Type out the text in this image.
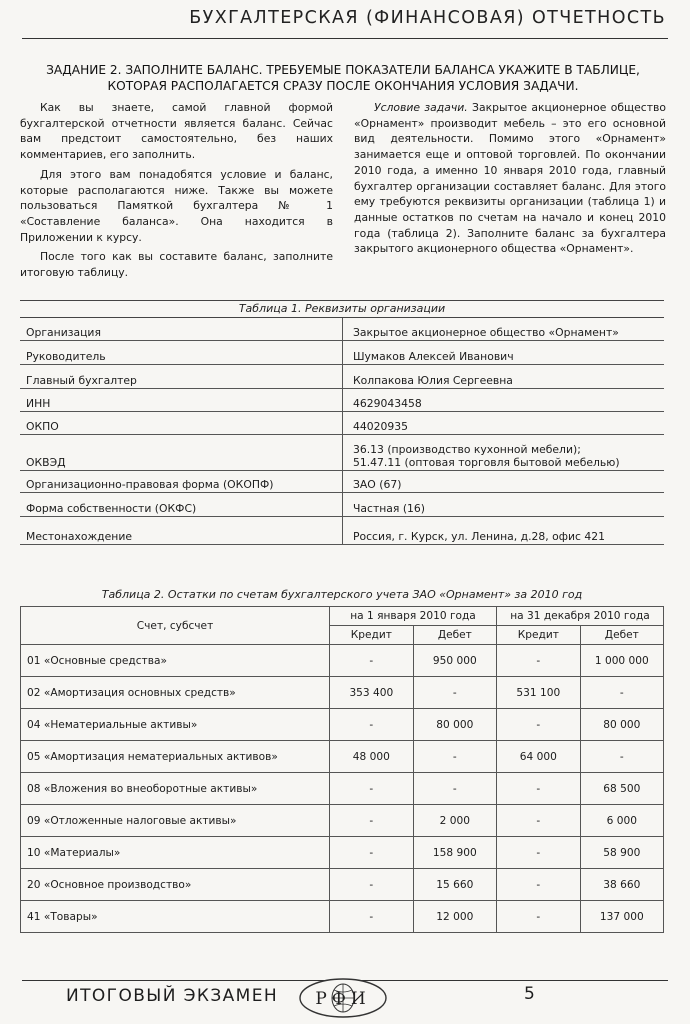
БУХГАЛТЕРСКАЯ (ФИНАНСОВАЯ) ОТЧЕТНОСТЬ
ЗАДАНИЕ 2. ЗАПОЛНИТЕ БАЛАНС. ТРЕБУЕМЫЕ ПОКАЗАТЕЛИ БАЛАНСА УКАЖИТЕ В ТАБЛИЦЕ, КОТОРАЯ РАСПОЛАГАЕТСЯ СРАЗУ ПОСЛЕ ОКОНЧАНИЯ УСЛОВИЯ ЗАДАЧИ.

Как вы знаете, самой главной формой бухгалтерской отчетности является баланс. Сейчас вам предстоит самостоятельно, без наших комментариев, его заполнить.

Для этого вам понадобятся условие и баланс, которые располагаются ниже. Также вы можете пользоваться Памяткой бухгалтера № 1 «Составление баланса». Она находится в Приложении к курсу.

После того как вы составите баланс, заполните итоговую таблицу.

Условие задачи. Закрытое акционерное общество «Орнамент» производит мебель – это его основной вид деятельности. Помимо этого «Орнамент» занимается еще и оптовой торговлей. По окончании 2010 года, а именно 10 января 2010 года, главный бухгалтер организации составляет баланс. Для этого ему требуются реквизиты организации (таблица 1) и данные остатков по счетам на начало и конец 2010 года (таблица 2). Заполните баланс за бухгалтера закрытого акционерного общества «Орнамент».

Таблица 1. Реквизиты организации
Организация	Закрытое акционерное общество «Орнамент»
Руководитель	Шумаков Алексей Иванович
Главный бухгалтер	Колпакова Юлия Сергеевна
ИНН	4629043458
ОКПО	44020935
ОКВЭД	36.13 (производство кухонной мебели);
51.47.11 (оптовая торговля бытовой мебелью)

Организационно-правовая форма (ОКОПФ)	ЗАО (67)
Форма собственности (ОКФС)	Частная (16)
Местонахождение	Россия, г. Курск, ул. Ленина, д.28, офис 421
Таблица 2. Остатки по счетам бухгалтерского учета ЗАО «Орнамент» за 2010 год
Счет, субсчет	на 1 января 2010 года		на 31 декабря 2010 года	
	Кредит	Дебет	Кредит	Дебет
01 «Основные средства»	-	950 000	-	1 000 000
02 «Амортизация основных средств»	353 400	-	531 100	-
04 «Нематериальные активы»	-	80 000	-	80 000
05 «Амортизация нематериальных активов»	48 000	-	64 000	-
08 «Вложения во внеоборотные активы»	-	-	-	68 500
09 «Отложенные налоговые активы»	-	2 000	-	6 000
10 «Материалы»	-	158 900	-	58 900
20 «Основное производство»	-	15 660	-	38 660
41 «Товары»	-	12 000	-	137 000
ИТОГОВЫЙ ЭКЗАМЕН РФИ	5
